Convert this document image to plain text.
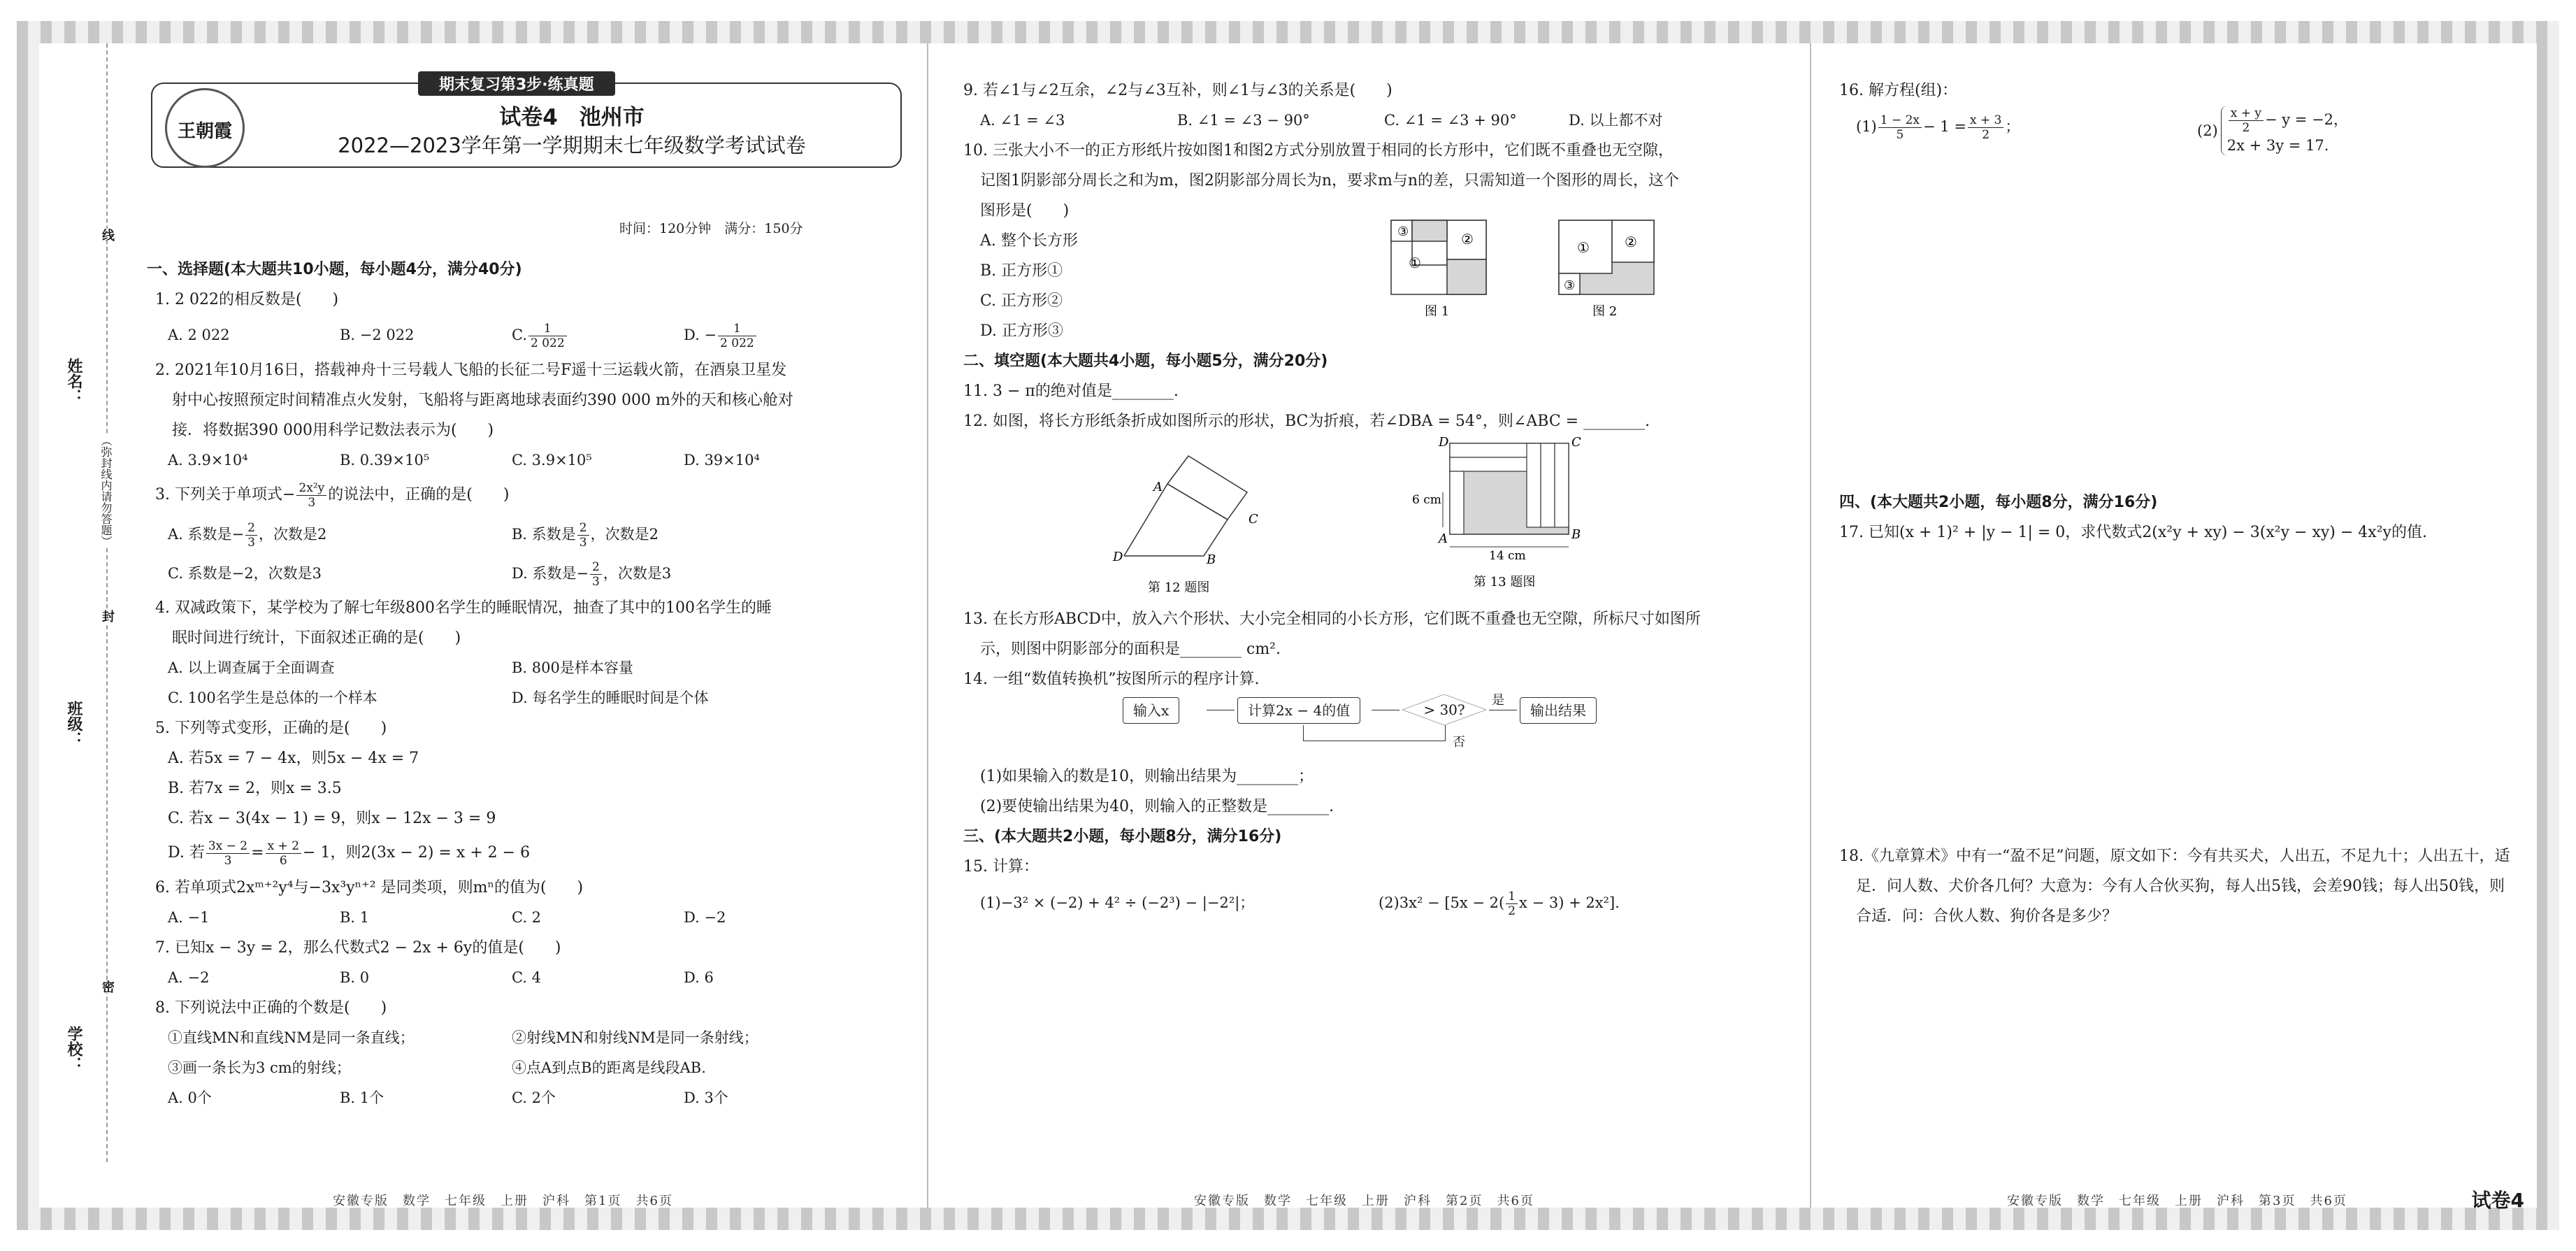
姓名：
班级：
学校：
线
封
密
（弥封线内请勿答题）
期末复习第3步·练真题
王朝霞
试卷4　 池州市
2022—2023学年第一学期期末七年级数学考试试卷
时间：120分钟　 满分：150分
一、选择题(本大题共10小题，每小题4分，满分40分)
1. 2 022的相反数是(　　)
A. 2 022	B. −2 022	C. $\frac{1}{2 022}$	D. − $\frac{1}{2 022}$
2. 2021年10月16日，搭载神舟十三号载人飞船的长征二号F遥十三运载火箭，在酒泉卫星发
射中心按照预定时间精准点火发射，飞船将与距离地球表面约390 000 m外的天和核心舱对
接．将数据390 000用科学记数法表示为(　　)
A. 3.9×10⁴	B. 0.39×10⁵	C. 3.9×10⁵	D. 39×10⁴
3. 下列关于单项式− $\frac{\text{2x²y}}{3}$ 的说法中，正确的是(　　)
A. 系数是− $\frac{2}{3}$ ，次数是2	B. 系数是 $\frac{2}{3}$ ，次数是2
C. 系数是−2，次数是3	D. 系数是− $\frac{2}{3}$ ，次数是3
4. 双减政策下，某学校为了解七年级800名学生的睡眠情况，抽查了其中的100名学生的睡
眠时间进行统计，下面叙述正确的是(　　)
A. 以上调查属于全面调查	B. 800是样本容量
C. 100名学生是总体的一个样本	D. 每名学生的睡眠时间是个体
5. 下列等式变形，正确的是(　　)
A. 若5x = 7 − 4x，则5x − 4x = 7
B. 若7x = 2，则x = 3.5
C. 若x − 3(4x − 1) = 9，则x − 12x − 3 = 9
D. 若 $\frac{3x - 2}{3} = \frac{x + 2}{6} - 1$，则2(3x − 2) = x + 2 − 6
6. 若单项式2xᵐ⁺²y⁴与−3x³yⁿ⁺² 是同类项，则mⁿ的值为(　　)
A. −1	B. 1	C. 2	D. −2
7. 已知x − 3y = 2，那么代数式2 − 2x + 6y的值是(　　)
A. −2	B. 0	C. 4	D. 6
8. 下列说法中正确的个数是(　　)
①直线MN和直线NM是同一条直线；	②射线MN和射线NM是同一条射线；
③画一条长为3 cm的射线；	④点A到点B的距离是线段AB.
A. 0个	B. 1个	C. 2个	D. 3个
安徽专版　数学　七年级　上册　沪科　第1页　共6页
9. 若∠1与∠2互余，∠2与∠3互补，则∠1与∠3的关系是(　　)
A. ∠1 = ∠3	B. ∠1 = ∠3 − 90°	C. ∠1 = ∠3 + 90°	D. 以上都不对
10. 三张大小不一的正方形纸片按如图1和图2方式分别放置于相同的长方形中，它们既不重叠也无空隙，
记图1阴影部分周长之和为m，图2阴影部分周长为n，要求m与n的差，只需知道一个图形的周长，这个
图形是(　　)
A. 整个长方形
B. 正方形①
C. 正方形②
D. 正方形③
③
①
②
图 1
①	②
③
图 2
二、填空题(本大题共4小题，每小题5分，满分20分)
11. 3 − π的绝对值是________.
12. 如图，将长方形纸条折成如图所示的形状，BC为折痕，若∠DBA = 54°，则∠ABC = ________.
A
C
D	B
第 12 题图
D	C
A	B
6 cm
14 cm
第 13 题图
13. 在长方形ABCD中，放入六个形状、大小完全相同的小长方形，它们既不重叠也无空隙，所标尺寸如图所
示，则图中阴影部分的面积是________ cm².
14. 一组“数值转换机”按图所示的程序计算.
输入x	计算2x − 4的值	> 30?
是
输出结果
否
(1)如果输入的数是10，则输出结果为________；
(2)要使输出结果为40，则输入的正整数是________.
三、(本大题共2小题，每小题8分，满分16分)
15. 计算：
(1)−3² × (−2) + 4² ÷ (−2³) − |−2²|；	$(2)3x^2 - [5x - 2( \frac{1}{2}$ x − 3) + 2x²].
安徽专版　数学　七年级　上册　沪科　第2页　共6页
16. 解方程(组)：
$(1) \frac{1 - 2x}{5} - 1 = \frac{x + 3}{2}$ ；	$(2) \frac{x + y}{2} - y = -2$，
2x + 3y = 17.
四、(本大题共2小题，每小题8分，满分16分)
17. 已知(x + 1)² + |y − 1| = 0，求代数式2(x²y + xy) − 3(x²y − xy) − 4x²y的值.
18.《九章算术》中有一“盈不足”问题，原文如下：今有共买犬，人出五，不足九十；人出五十，适
足．问人数、犬价各几何？大意为：今有人合伙买狗，每人出5钱，会差90钱；每人出50钱，则
合适．问：合伙人数、狗价各是多少？
安徽专版　数学　七年级　上册　沪科　第3页　共6页	试卷4
